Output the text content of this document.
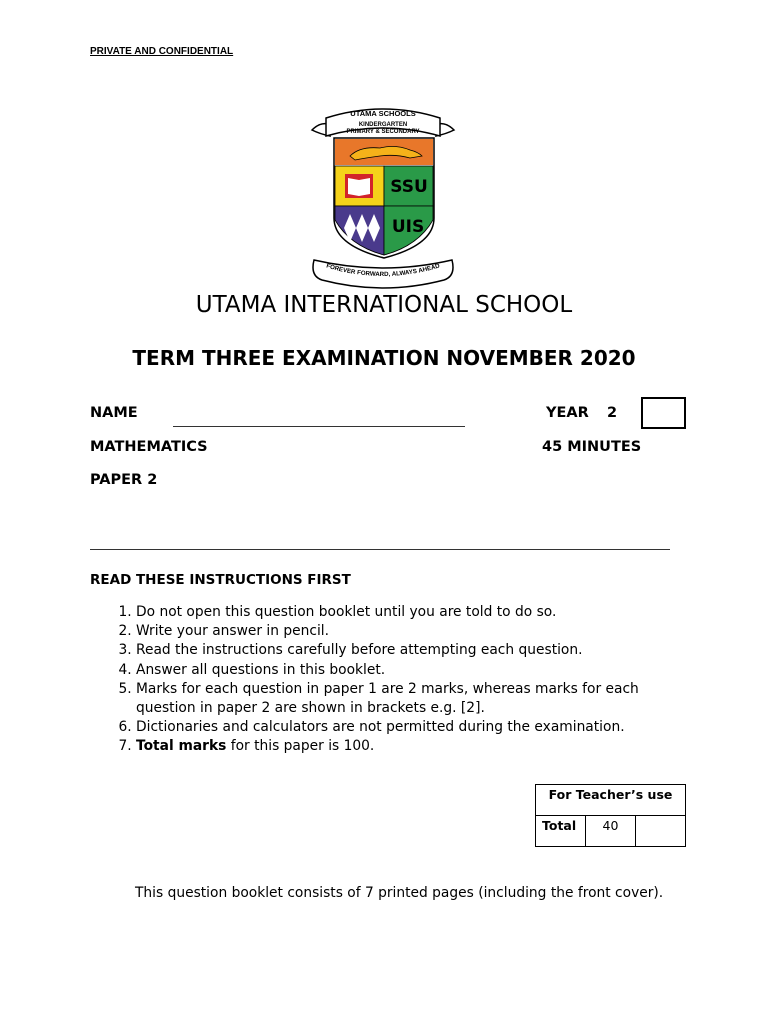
PRIVATE AND CONFIDENTIAL
UTAMA SCHOOLS
KINDERGARTEN
PRIMARY & SECONDARY
SSU
UIS
FOREVER FORWARD, ALWAYS AHEAD
UTAMA INTERNATIONAL SCHOOL
TERM THREE EXAMINATION NOVEMBER 2020
NAME	YEAR 2
MATHEMATICS	45 MINUTES
PAPER 2
READ THESE INSTRUCTIONS FIRST
1. Do not open this question booklet until you are told to do so.
2. Write your answer in pencil.
3. Read the instructions carefully before attempting each question.
4. Answer all questions in this booklet.
5. Marks for each question in paper 1 are 2 marks, whereas marks for each question in paper 2 are shown in brackets e.g. [2].
6. Dictionaries and calculators are not permitted during the examination.
7. Total marks for this paper is 100.
For Teacher’s use
Total	40	
This question booklet consists of 7 printed pages (including the front cover).
